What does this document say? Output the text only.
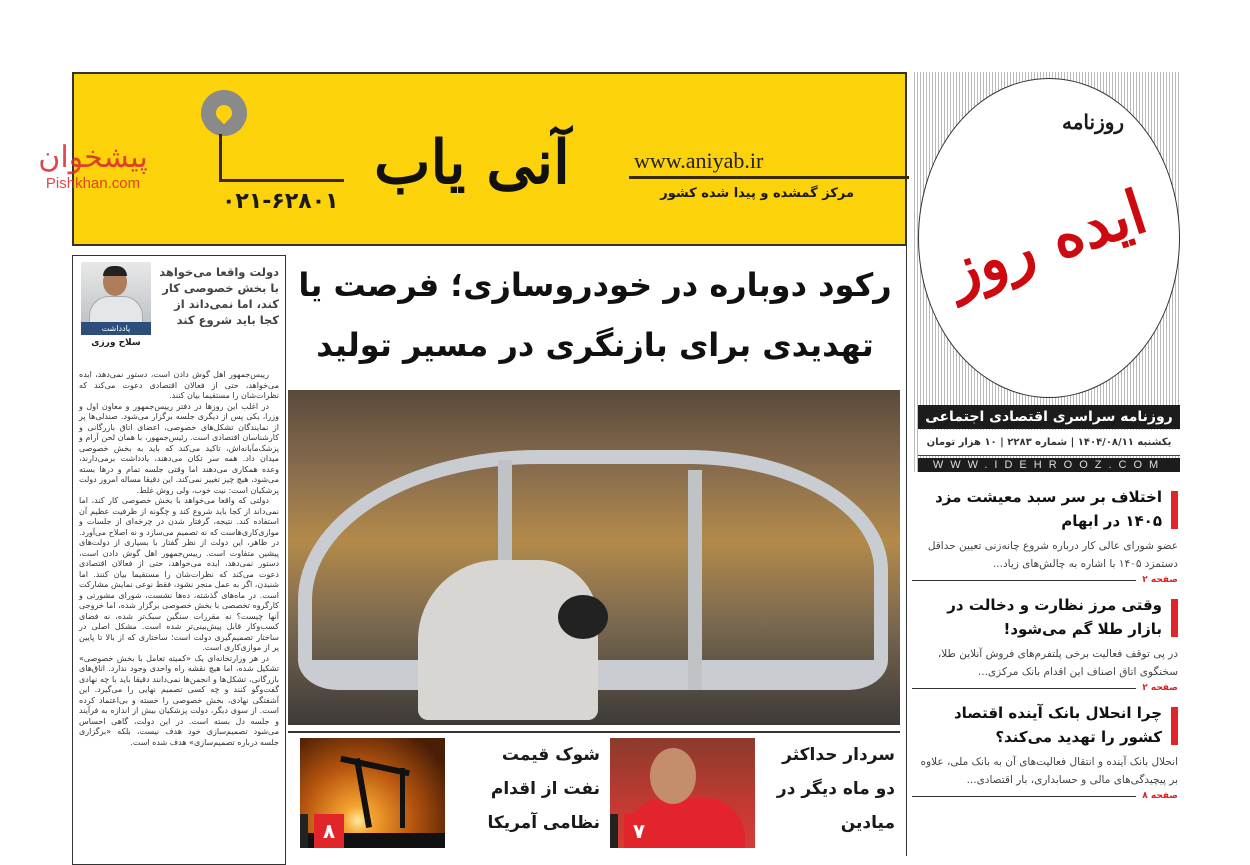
آنی یاب	www.aniyab.ir
مرکز گمشده و پیدا شده کشور
۰۲۱-۶۲۸۰۱
پیشخوان
Pishkhan.com
روزنامه
ایده روز
روزنامه سراسری اقتصادی اجتماعی
یکشنبه ۱۴۰۴/۰۸/۱۱ | شماره ۲۲۸۳ | ۱۰ هزار تومان
WWW.IDEHROOZ.COM
یادداشت
سلاح ورزی
دولت واقعا می‌خواهد با بخش خصوصی کار کند، اما نمی‌داند از کجا باید شروع کند

رییس‌جمهور اهل گوش دادن است، دستور نمی‌دهد، ایده می‌خواهد، حتی از فعالان اقتصادی دعوت می‌کند که نظرات‌شان را مستقیما بیان کنند.

در اغلب این روزها در دفتر رییس‌جمهور و معاون اول و وزرا، یکی پس از دیگری جلسه برگزار می‌شود. صندلی‌ها پر از نمایندگان تشکل‌های خصوصی، اعضای اتاق بازرگانی و کارشناسان اقتصادی است. رئیس‌جمهور، با همان لحن آرام و پزشک‌مآبانه‌اش، تاکید می‌کند که باید به بخش خصوصی میدان داد. همه سر تکان می‌دهند، یادداشت برمی‌دارند، وعده همکاری می‌دهند اما وقتی جلسه تمام و درها بسته می‌شود، هیچ چیز تغییر نمی‌کند. این دقیقا مساله امروز دولت پزشکیان است: نیت خوب، ولی روش غلط.

دولتی که واقعا می‌خواهد با بخش خصوصی کار کند، اما نمی‌داند از کجا باید شروع کند و چگونه از ظرفیت عظیم آن استفاده کند. نتیجه، گرفتار شدن در چرخه‌ای از جلسات و موازی‌کاری‌هاست که نه تصمیم می‌سازد و نه اصلاح می‌آورد. در ظاهر، این دولت از نظر گفتار با بسیاری از دولت‌های پیشین متفاوت است. رییس‌جمهور اهل گوش دادن است، دستور نمی‌دهد، ایده می‌خواهد، حتی از فعالان اقتصادی دعوت می‌کند که نظرات‌شان را مستقیما بیان کنند. اما شنیدن، اگر به عمل منجر نشود، فقط نوعی نمایش مشارکت است. در ماه‌های گذشته، ده‌ها نشست، شورای مشورتی و کارگروه تخصصی با بخش خصوصی برگزار شده، اما خروجی آنها چیست؟ نه مقررات سنگین سبک‌تر شده، نه فضای کسب‌وکار قابل پیش‌بینی‌تر شده است. مشکل اصلی در ساختار تصمیم‌گیری دولت است؛ ساختاری که از بالا تا پایین پر از موازی‌کاری است.

در هر وزارتخانه‌ای یک «کمیته تعامل با بخش خصوصی» تشکیل شده، اما هیچ نقشه راه واحدی وجود ندارد. اتاق‌های بازرگانی، تشکل‌ها و انجمن‌ها نمی‌دانند دقیقا باید با چه نهادی گفت‌وگو کنند و چه کسی تصمیم نهایی را می‌گیرد. این آشفتگی نهادی، بخش خصوصی را خسته و بی‌اعتماد کرده است. از سوی دیگر، دولت پزشکیان بیش از اندازه به فرآیند و جلسه دل بسته است. در این دولت، گاهی احساس می‌شود تصمیم‌سازی خود هدف نیست، بلکه «برگزاری جلسه درباره تصمیم‌سازی» هدف شده است.

رکود دوباره در خودروسازی؛ فرصت یا تهدیدی برای بازنگری در مسیر تولید
۷
سردار حداکثر دو ماه دیگر در میادین
۸
شوک قیمت نفت از اقدام نظامی آمریکا
اختلاف بر سر سبد معیشت مزد ۱۴۰۵ در ابهام
عضو شورای عالی کار درباره شروع چانه‌زنی تعیین حداقل دستمزد ۱۴۰۵ با اشاره به چالش‌های زیاد...
صفحه ۲
وقتی مرز نظارت و دخالت در بازار طلا گم می‌شود!
در پی توقف فعالیت برخی پلتفرم‌های فروش آنلاین طلا، سخنگوی اتاق اصناف این اقدام بانک مرکزی...
صفحه ۲
چرا انحلال بانک آینده اقتصاد کشور را تهدید می‌کند؟
انحلال بانک آینده و انتقال فعالیت‌های آن به بانک ملی، علاوه بر پیچیدگی‌های مالی و حسابداری، بار اقتصادی...
صفحه ۸
